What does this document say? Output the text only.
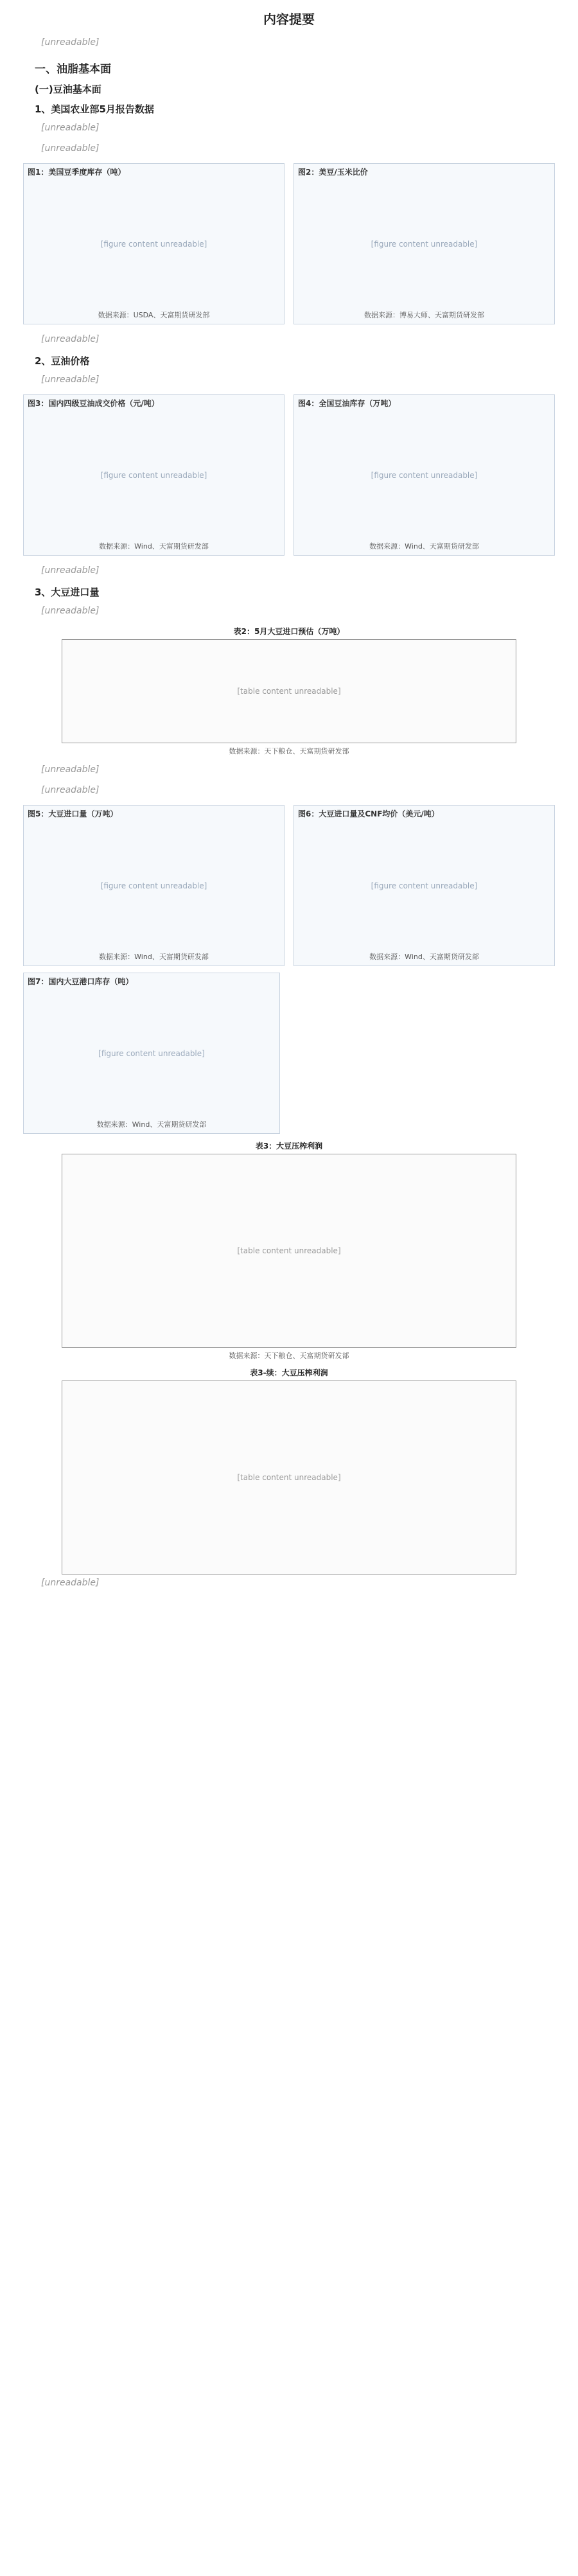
内容提要

[unreadable]

一、油脂基本面
(一)豆油基本面
1、美国农业部5月报告数据

[unreadable]

[unreadable]

图1：美国豆季度库存（吨）
[figure content unreadable]
数据来源：USDA、天富期货研发部
图2：美豆/玉米比价
[figure content unreadable]
数据来源：博易大师、天富期货研发部

[unreadable]

2、豆油价格

[unreadable]

图3：国内四级豆油成交价格（元/吨）
[figure content unreadable]
数据来源：Wind、天富期货研发部
图4：全国豆油库存（万吨）
[figure content unreadable]
数据来源：Wind、天富期货研发部

[unreadable]

3、大豆进口量

[unreadable]

表2：5月大豆进口预估（万吨）
[table content unreadable]
数据来源：天下粮仓、天富期货研发部

[unreadable]

[unreadable]

图5：大豆进口量（万吨）
[figure content unreadable]
数据来源：Wind、天富期货研发部
图6：大豆进口量及CNF均价（美元/吨）
[figure content unreadable]
数据来源：Wind、天富期货研发部
图7：国内大豆港口库存（吨）
[figure content unreadable]
数据来源：Wind、天富期货研发部
表3：大豆压榨利润
[table content unreadable]
数据来源：天下粮仓、天富期货研发部
表3-续：大豆压榨利润
[table content unreadable]

[unreadable]
